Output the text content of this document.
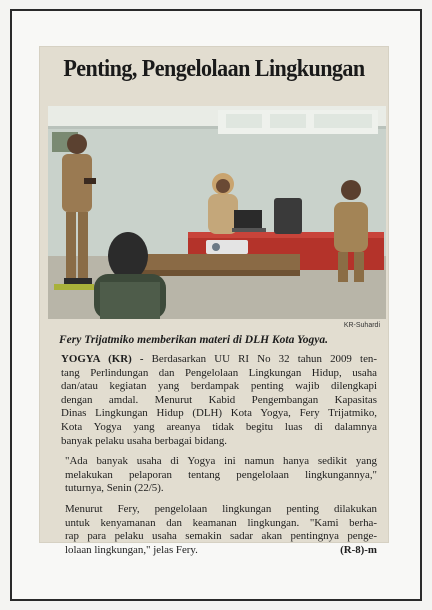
Penting, Pengelolaan Lingkungan
KR-Suhardi

Fery Trijatmiko memberikan materi di DLH Kota Yogya.

YOGYA (KR) - Berdasarkan UU RI No 32 tahun 2009 ten-
tang Perlindungan dan Pengelolaan Lingkungan Hidup, usaha
dan/atau kegiatan yang berdampak penting wajib dilengkapi
dengan amdal. Menurut Kabid Pengembangan Kapasitas
Dinas Lingkungan Hidup (DLH) Kota Yogya, Fery Trijatmiko,
Kota Yogya yang areanya tidak begitu luas di dalamnya
banyak pelaku usaha berbagai bidang.

"Ada banyak usaha di Yogya ini namun hanya sedikit yang
melakukan pelaporan tentang pengelolaan lingkungannya,"
tuturnya, Senin (22/5).

Menurut Fery, pengelolaan lingkungan penting dilakukan
untuk kenyamanan dan keamanan lingkungan. "Kami berha-
rap para pelaku usaha semakin sadar akan pentingnya penge-
lolaan lingkungan," jelas Fery.	(R-8)-m
